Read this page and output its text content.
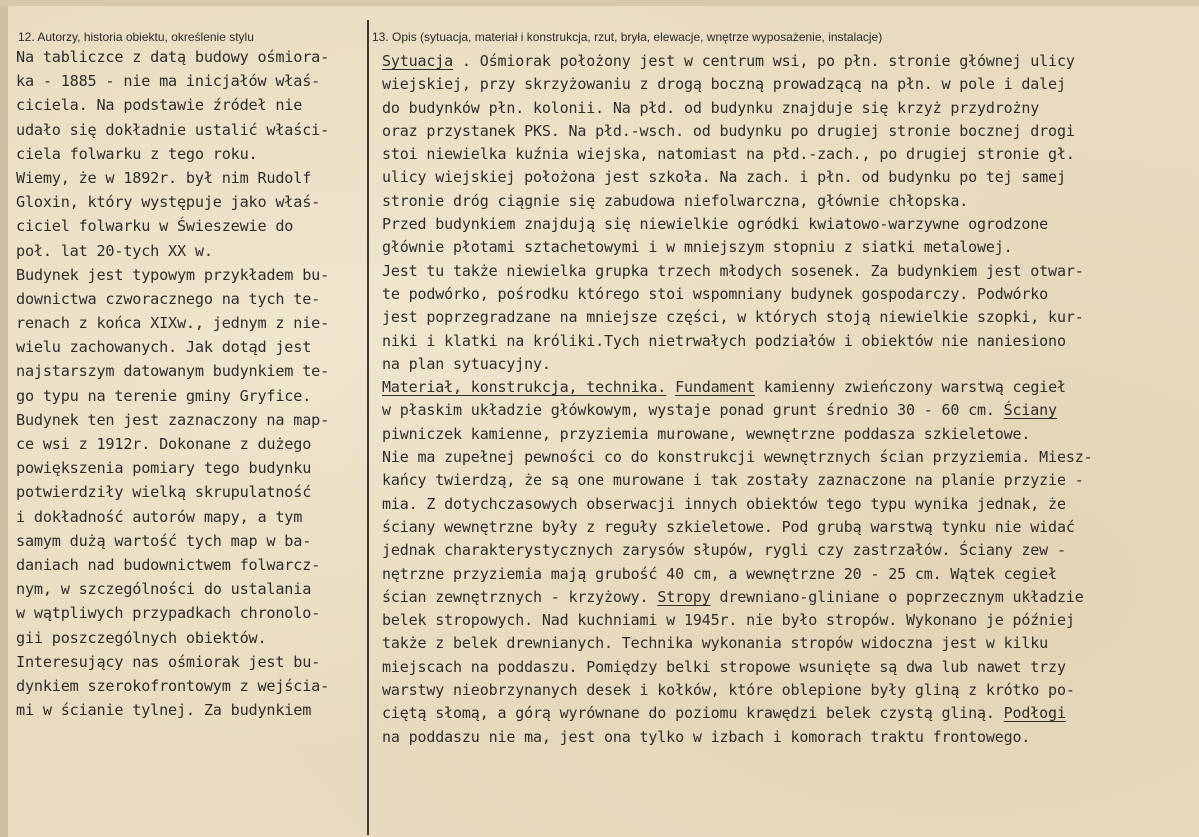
12. Autorzy, historia obiektu, określenie stylu	13. Opis (sytuacja, materiał i konstrukcja, rzut, bryła, elewacje, wnętrze wyposażenie, instalacje)
Na tabliczce z datą budowy ośmiora-
ka - 1885 - nie ma inicjałów właś-
ciciela. Na podstawie źródeł nie
udało się dokładnie ustalić właści-
ciela folwarku z tego roku.
Wiemy, że w 1892r. był nim Rudolf
Gloxin, który występuje jako właś-
ciciel folwarku w Świeszewie do
poł. lat 20-tych XX w.
Budynek jest typowym przykładem bu-
downictwa czworacznego na tych te-
renach z końca XIXw., jednym z nie-
wielu zachowanych. Jak dotąd jest
najstarszym datowanym budynkiem te-
go typu na terenie gminy Gryfice.
Budynek ten jest zaznaczony na map-
ce wsi z 1912r. Dokonane z dużego
powiększenia pomiary tego budynku
potwierdziły wielką skrupulatność
i dokładność autorów mapy, a tym
samym dużą wartość tych map w ba-
daniach nad budownictwem folwarcz-
nym, w szczególności do ustalania
w wątpliwych przypadkach chronolo-
gii poszczególnych obiektów.
Interesujący nas ośmiorak jest bu-
dynkiem szerokofrontowym z wejścia-
mi w ścianie tylnej. Za budynkiem
Sytuacja . Ośmiorak położony jest w centrum wsi, po płn. stronie głównej ulicy
wiejskiej, przy skrzyżowaniu z drogą boczną prowadzącą na płn. w pole i dalej
do budynków płn. kolonii. Na płd. od budynku znajduje się krzyż przydrożny
oraz przystanek PKS. Na płd.-wsch. od budynku po drugiej stronie bocznej drogi
stoi niewielka kuźnia wiejska, natomiast na płd.-zach., po drugiej stronie gł.
ulicy wiejskiej położona jest szkoła. Na zach. i płn. od budynku po tej samej
stronie dróg ciągnie się zabudowa niefolwarczna, głównie chłopska.
Przed budynkiem znajdują się niewielkie ogródki kwiatowo-warzywne ogrodzone
głównie płotami sztachetowymi i w mniejszym stopniu z siatki metalowej.
Jest tu także niewielka grupka trzech młodych sosenek. Za budynkiem jest otwar-
te podwórko, pośrodku którego stoi wspomniany budynek gospodarczy. Podwórko
jest poprzegradzane na mniejsze części, w których stoją niewielkie szopki, kur-
niki i klatki na króliki.Tych nietrwałych podziałów i obiektów nie naniesiono
na plan sytuacyjny.
Materiał, konstrukcja, technika. Fundament kamienny zwieńczony warstwą cegieł
w płaskim układzie główkowym, wystaje ponad grunt średnio 30 - 60 cm. Ściany
piwniczek kamienne, przyziemia murowane, wewnętrzne poddasza szkieletowe.
Nie ma zupełnej pewności co do konstrukcji wewnętrznych ścian przyziemia. Miesz-
kańcy twierdzą, że są one murowane i tak zostały zaznaczone na planie przyzie -
mia. Z dotychczasowych obserwacji innych obiektów tego typu wynika jednak, że
ściany wewnętrzne były z reguły szkieletowe. Pod grubą warstwą tynku nie widać
jednak charakterystycznych zarysów słupów, rygli czy zastrzałów. Ściany zew -
nętrzne przyziemia mają grubość 40 cm, a wewnętrzne 20 - 25 cm. Wątek cegieł
ścian zewnętrznych - krzyżowy. Stropy drewniano-gliniane o poprzecznym układzie
belek stropowych. Nad kuchniami w 1945r. nie było stropów. Wykonano je później
także z belek drewnianych. Technika wykonania stropów widoczna jest w kilku
miejscach na poddaszu. Pomiędzy belki stropowe wsunięte są dwa lub nawet trzy
warstwy nieobrzynanych desek i kołków, które oblepione były gliną z krótko po-
ciętą słomą, a górą wyrównane do poziomu krawędzi belek czystą gliną. Podłogi
na poddaszu nie ma, jest ona tylko w izbach i komorach traktu frontowego.
